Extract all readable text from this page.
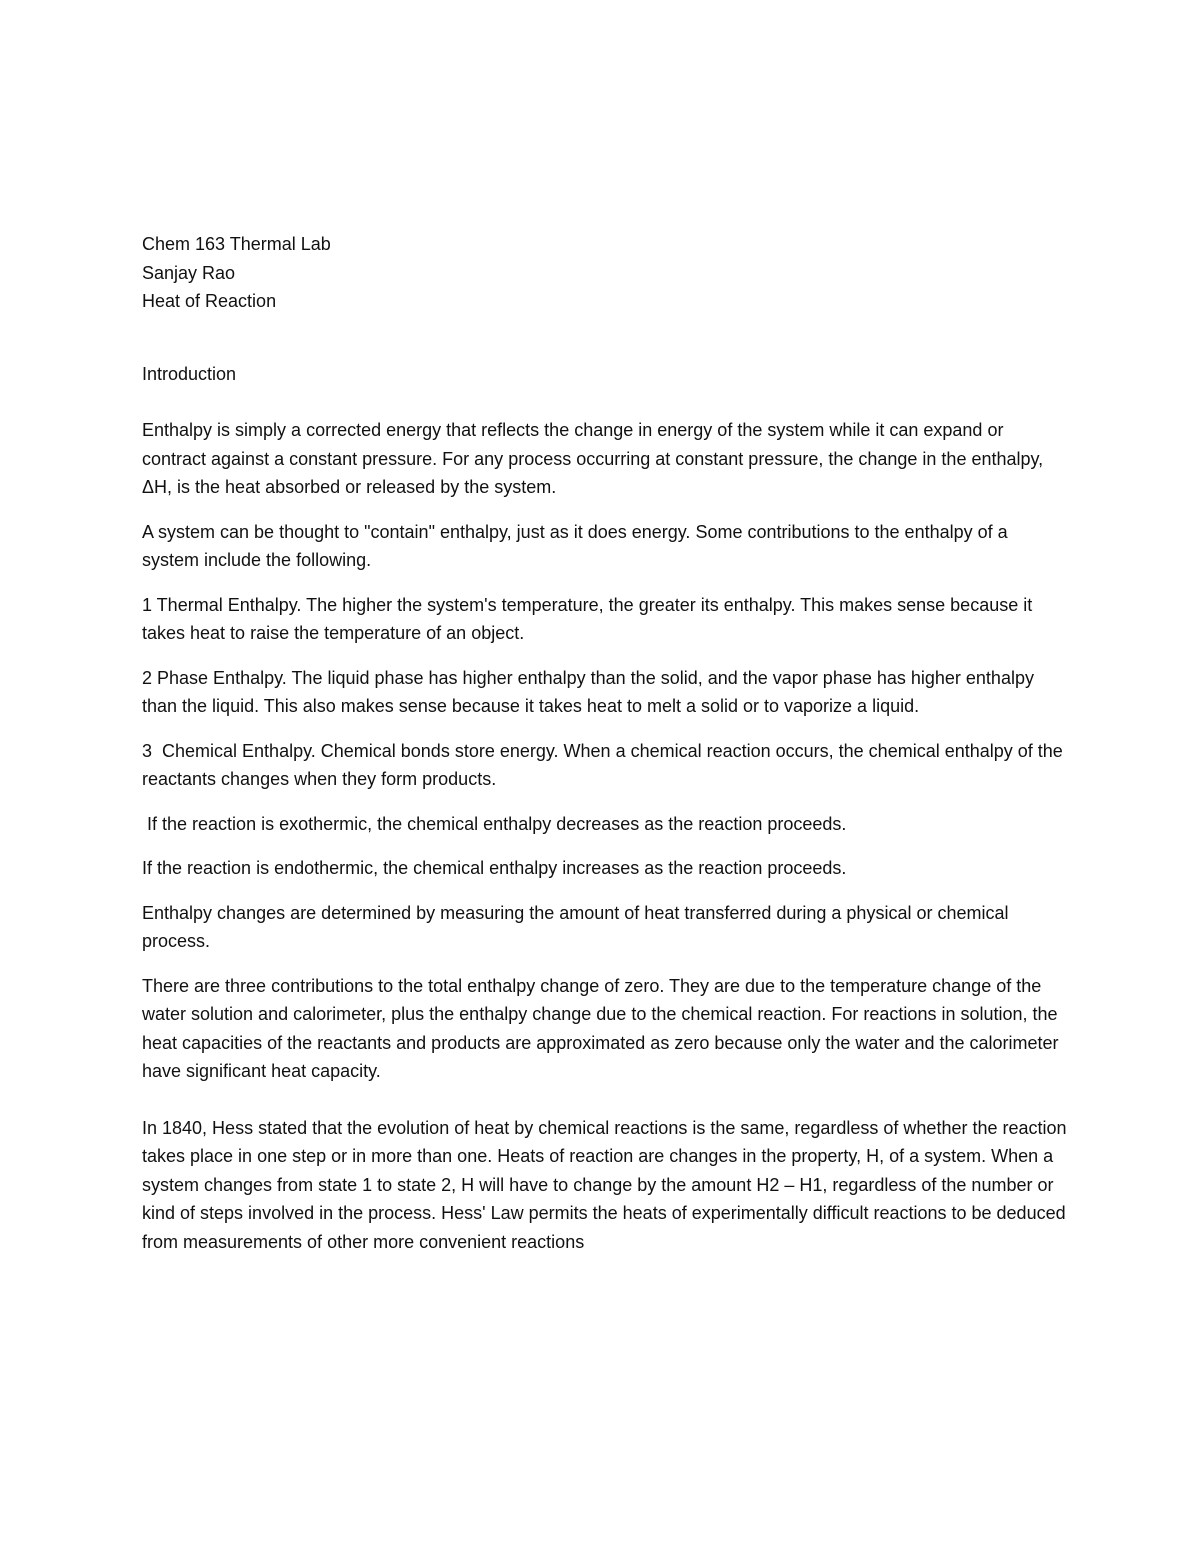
Chem 163 Thermal Lab

Sanjay Rao

Heat of Reaction

Introduction

Enthalpy is simply a corrected energy that reflects the change in energy of the system while it can expand or contract against a constant pressure. For any process occurring at constant pressure, the change in the enthalpy, ΔH, is the heat absorbed or released by the system.

A system can be thought to "contain" enthalpy, just as it does energy. Some contributions to the enthalpy of a system include the following.

1 Thermal Enthalpy. The higher the system's temperature, the greater its enthalpy. This makes sense because it takes heat to raise the temperature of an object.

2 Phase Enthalpy. The liquid phase has higher enthalpy than the solid, and the vapor phase has higher enthalpy than the liquid. This also makes sense because it takes heat to melt a solid or to vaporize a liquid.

3  Chemical Enthalpy. Chemical bonds store energy. When a chemical reaction occurs, the chemical enthalpy of the reactants changes when they form products.

If the reaction is exothermic, the chemical enthalpy decreases as the reaction proceeds.

If the reaction is endothermic, the chemical enthalpy increases as the reaction proceeds.

Enthalpy changes are determined by measuring the amount of heat transferred during a physical or chemical process.

There are three contributions to the total enthalpy change of zero. They are due to the temperature change of the water solution and calorimeter, plus the enthalpy change due to the chemical reaction. For reactions in solution, the heat capacities of the reactants and products are approximated as zero because only the water and the calorimeter have significant heat capacity.

In 1840, Hess stated that the evolution of heat by chemical reactions is the same, regardless of whether the reaction takes place in one step or in more than one. Heats of reaction are changes in the property, H, of a system. When a system changes from state 1 to state 2, H will have to change by the amount H2 – H1, regardless of the number or kind of steps involved in the process. Hess' Law permits the heats of experimentally difficult reactions to be deduced from measurements of other more convenient reactions
